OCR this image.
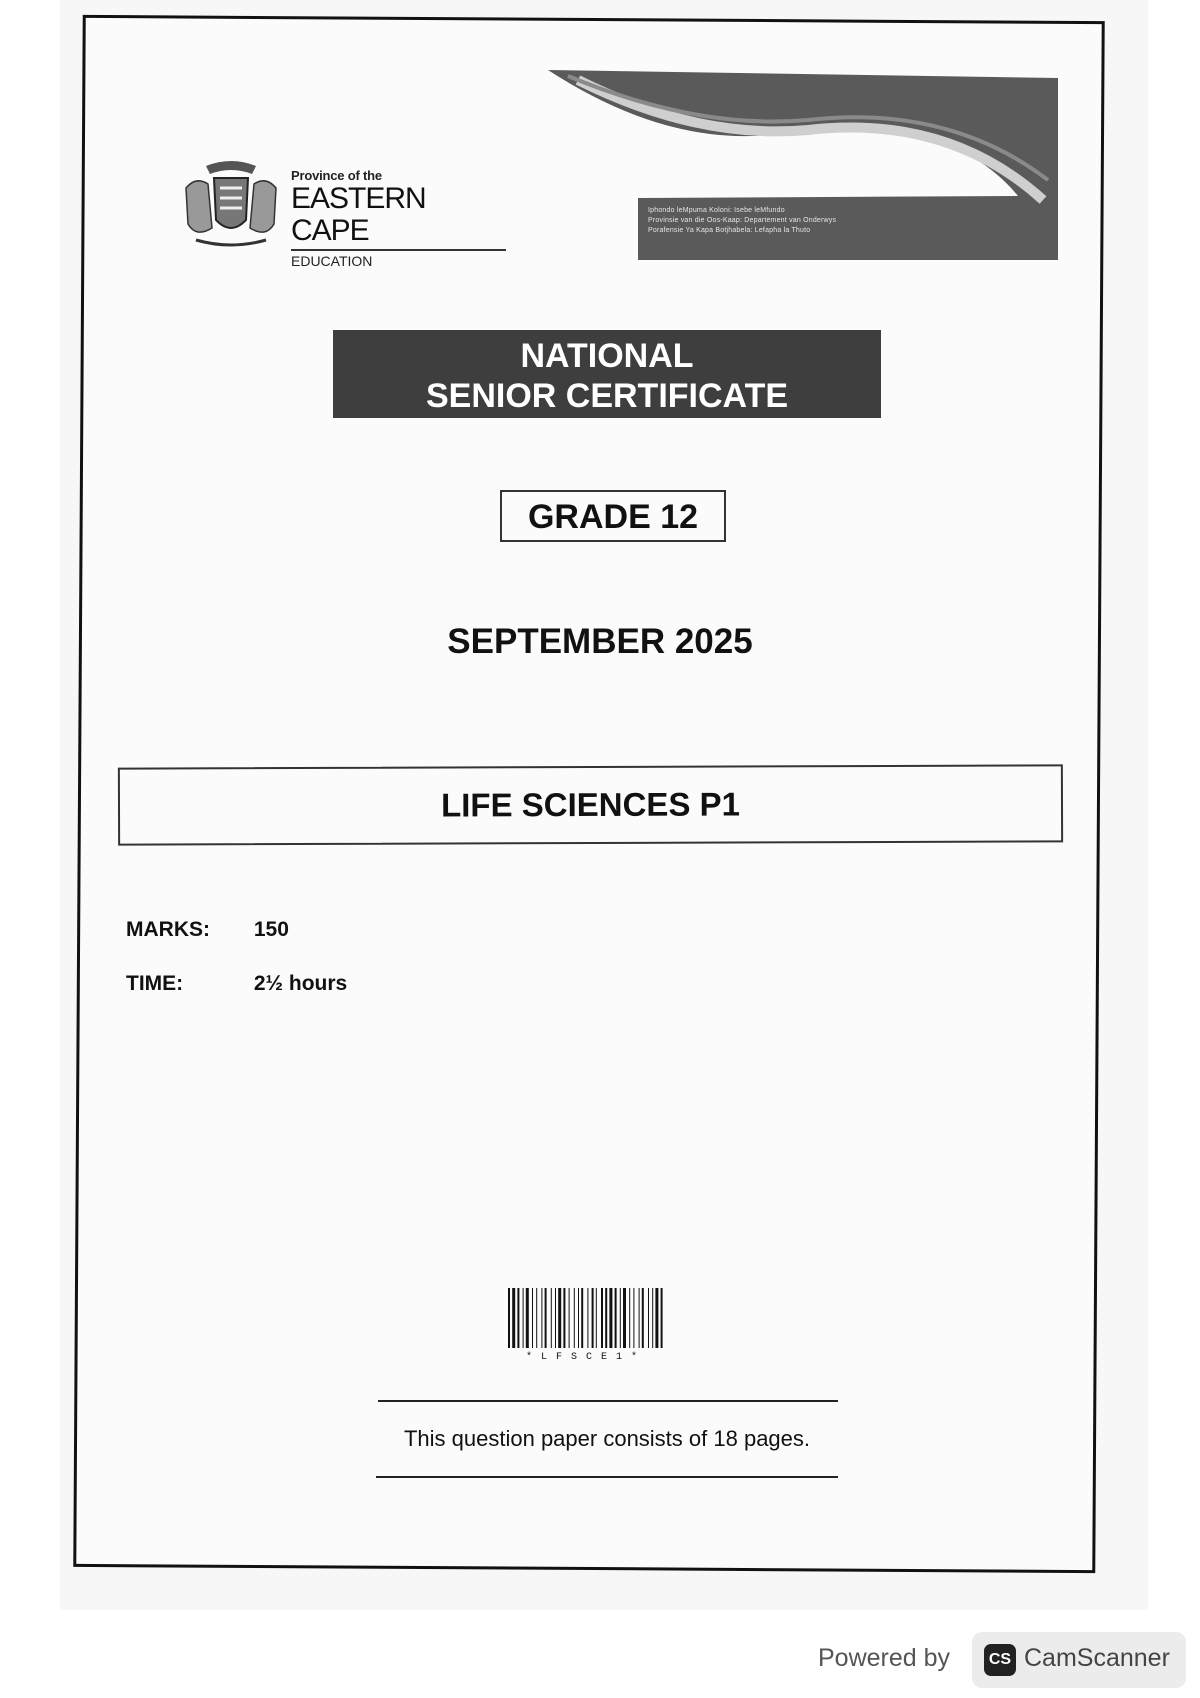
Province of the
EASTERN CAPE
EDUCATION
Iphondo leMpuma Koloni: Isebe leMfundo
Provinsie van die Oos-Kaap: Departement van Onderwys
Porafensie Ya Kapa Botjhabela: Lefapha la Thuto
NATIONAL
SENIOR CERTIFICATE
GRADE 12
SEPTEMBER 2025
LIFE SCIENCES P1
MARKS: 150
TIME:	2½ hours
*LFSCE1*
This question paper consists of 18 pages.
Powered by	CS CamScanner
